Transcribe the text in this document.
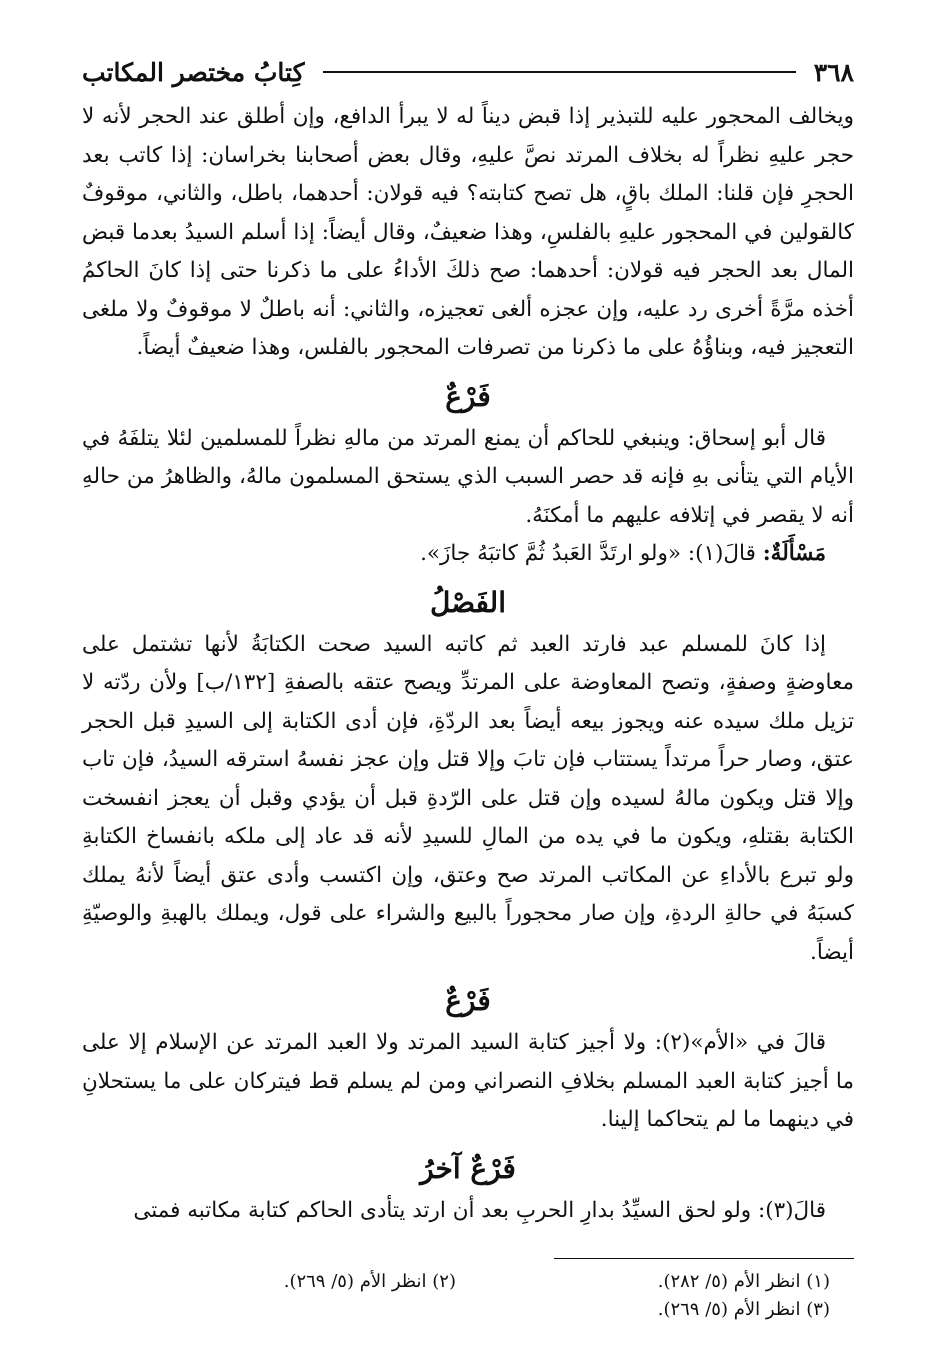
٣٦٨
كِتابُ مختصر المكاتب

ويخالف المحجور عليه للتبذير إذا قبض ديناً له لا يبرأ الدافع، وإن أطلق عند الحجر لأنه لا حجر عليهِ نظراً له بخلاف المرتد نصَّ عليهِ، وقال بعض أصحابنا بخراسان: إذا كاتب بعد الحجرِ فإن قلنا: الملك باقٍ، هل تصح كتابته؟ فيه قولان: أحدهما، باطل، والثاني، موقوفٌ كالقولين في المحجور عليهِ بالفلسِ، وهذا ضعيفٌ، وقال أيضاً: إذا أسلم السيدُ بعدما قبض المال بعد الحجر فيه قولان: أحدهما: صح ذلكَ الأداءُ على ما ذكرنا حتى إذا كانَ الحاكمُ أخذه مرَّةً أخرى رد عليه، وإن عجزه ألغى تعجيزه، والثاني: أنه باطلٌ لا موقوفٌ ولا ملغى التعجيز فيه، وبناؤُهُ على ما ذكرنا من تصرفات المحجور بالفلس، وهذا ضعيفٌ أيضاً.

فَرْعٌ

قال أبو إسحاق: وينبغي للحاكم أن يمنع المرتد من مالهِ نظراً للمسلمين لئلا يتلفَهُ في الأيام التي يتأنى بهِ فإنه قد حصر السبب الذي يستحق المسلمون مالهُ، والظاهرُ من حالهِ أنه لا يقصر في إتلافه عليهم ما أمكنَهُ.

مَسْأَلَةٌ: قالَ(١): «ولو ارتَدَّ العَبدُ ثُمَّ كاتبَهُ جازَ».

الفَصْلُ

إذا كانَ للمسلم عبد فارتد العبد ثم كاتبه السيد صحت الكتابَةُ لأنها تشتمل على معاوضةٍ وصفةٍ، وتصح المعاوضة على المرتدِّ ويصح عتقه بالصفةِ [١٣٢/ب] ولأن ردّته لا تزيل ملك سيده عنه ويجوز بيعه أيضاً بعد الردّةِ، فإن أدى الكتابة إلى السيدِ قبل الحجر عتق، وصار حراً مرتداً يستتاب فإن تابَ وإلا قتل وإن عجز نفسهُ استرقه السيدُ، فإن تاب وإلا قتل ويكون مالهُ لسيده وإن قتل على الرّدةِ قبل أن يؤدي وقبل أن يعجز انفسخت الكتابة بقتلهِ، ويكون ما في يده من المالِ للسيدِ لأنه قد عاد إلى ملكه بانفساخ الكتابةِ ولو تبرع بالأداءِ عن المكاتب المرتد صح وعتق، وإن اكتسب وأدى عتق أيضاً لأنهُ يملك كسبَهُ في حالةِ الردةِ، وإن صار محجوراً بالبيع والشراء على قول، ويملك بالهبةِ والوصيّةِ أيضاً.

فَرْعٌ

قالَ في «الأم»(٢): ولا أجيز كتابة السيد المرتد ولا العبد المرتد عن الإسلام إلا على ما أجيز كتابة العبد المسلم بخلافِ النصراني ومن لم يسلم قط فيتركان على ما يستحلانِ في دينهما ما لم يتحاكما إلينا.

فَرْعٌ آخرُ

قالَ(٣): ولو لحق السيِّدُ بدارِ الحربِ بعد أن ارتد يتأدى الحاكم كتابة مكاتبه فمتى

(١) انظر الأم (٥/ ٢٨٢).
(٢) انظر الأم (٥/ ٢٦٩).
(٣) انظر الأم (٥/ ٢٦٩).
